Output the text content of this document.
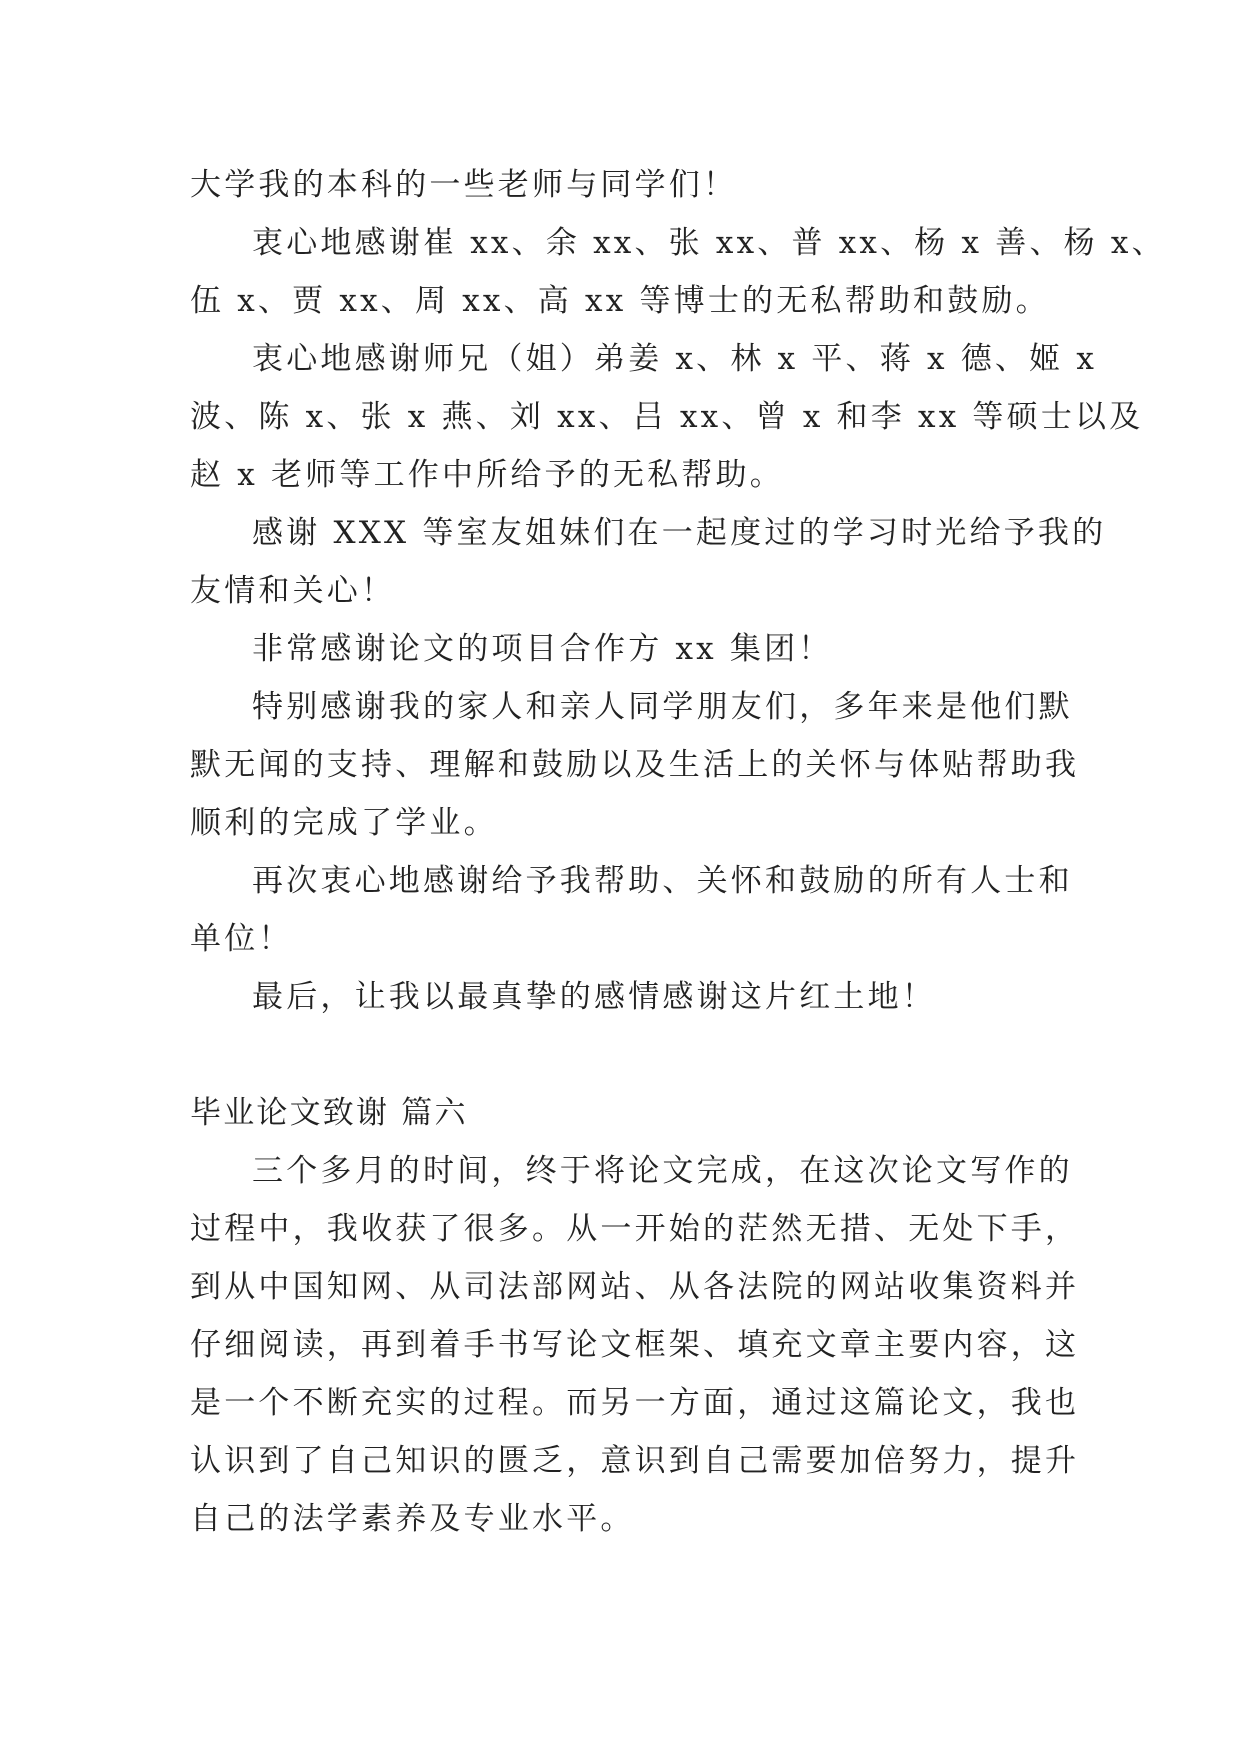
大学我的本科的一些老师与同学们！
衷心地感谢崔 xx、余 xx、张 xx、普 xx、杨 x 善、杨 x、
伍 x、贾 xx、周 xx、高 xx 等博士的无私帮助和鼓励。
衷心地感谢师兄（姐）弟姜 x、林 x 平、蒋 x 德、姬 x
波、陈 x、张 x 燕、刘 xx、吕 xx、曾 x 和李 xx 等硕士以及
赵 x 老师等工作中所给予的无私帮助。
感谢 XXX 等室友姐妹们在一起度过的学习时光给予我的
友情和关心！
非常感谢论文的项目合作方 xx 集团！
特别感谢我的家人和亲人同学朋友们，多年来是他们默
默无闻的支持、理解和鼓励以及生活上的关怀与体贴帮助我
顺利的完成了学业。
再次衷心地感谢给予我帮助、关怀和鼓励的所有人士和
单位！
最后，让我以最真挚的感情感谢这片红土地！
毕业论文致谢 篇六
三个多月的时间，终于将论文完成，在这次论文写作的
过程中，我收获了很多。从一开始的茫然无措、无处下手，
到从中国知网、从司法部网站、从各法院的网站收集资料并
仔细阅读，再到着手书写论文框架、填充文章主要内容，这
是一个不断充实的过程。而另一方面，通过这篇论文，我也
认识到了自己知识的匮乏，意识到自己需要加倍努力，提升
自己的法学素养及专业水平。
